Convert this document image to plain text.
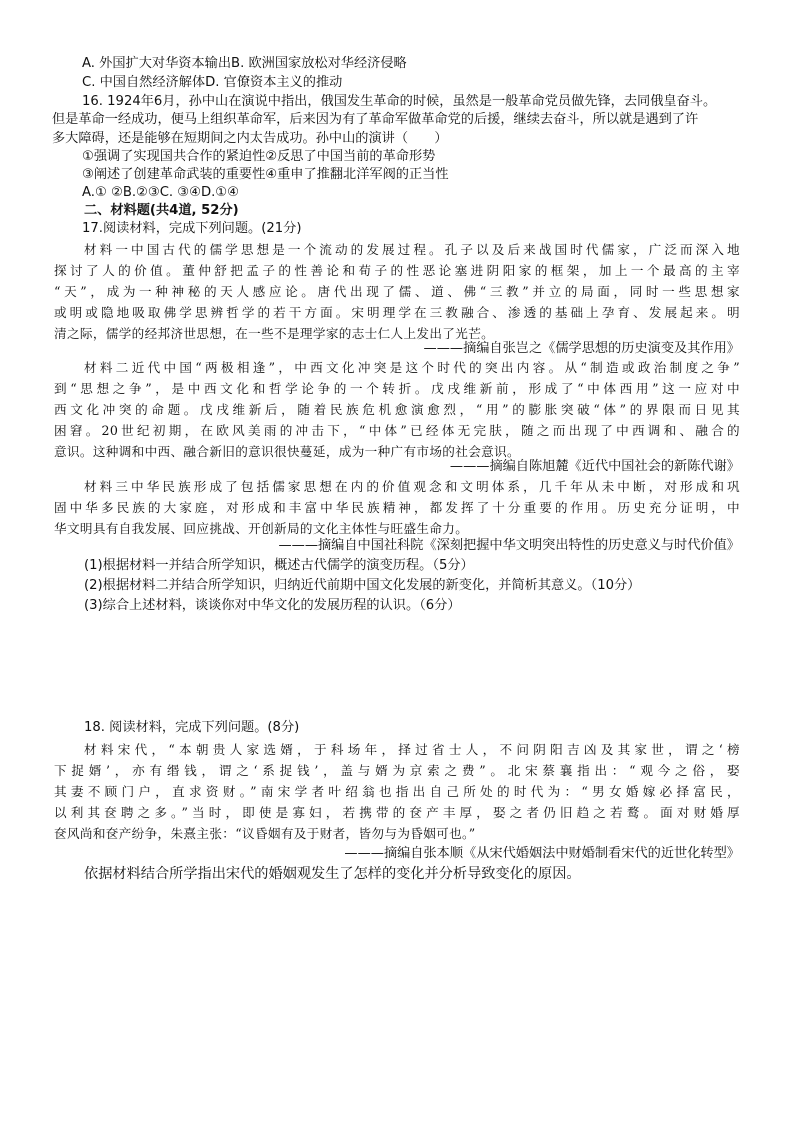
A. 外国扩大对华资本输出B. 欧洲国家放松对华经济侵略
C. 中国自然经济解体D. 官僚资本主义的推动
16. 1924年6月，孙中山在演说中指出，俄国发生革命的时候，虽然是一般革命党员做先锋，去同俄皇奋斗。
但是革命一经成功，便马上组织革命军，后来因为有了革命军做革命党的后援，继续去奋斗，所以就是遇到了许
多大障碍，还是能够在短期间之内太告成功。孙中山的演讲（　　）
①强调了实现国共合作的紧迫性②反思了中国当前的革命形势
③阐述了创建革命武装的重要性④重申了推翻北洋军阀的正当性
A.① ②B.②③C. ③④D.①④
二、材料题(共4道, 52分)
17.阅读材料，完成下列问题。(21分)
材料一中国古代的儒学思想是一个流动的发展过程。孔子以及后来战国时代儒家，广泛而深入地
探讨了人的价值。董仲舒把孟子的性善论和荀子的性恶论塞进阴阳家的框架，加上一个最高的主宰
“天”，成为一种神秘的天人感应论。唐代出现了儒、道、佛“三教”并立的局面，同时一些思想家
或明或隐地吸取佛学思辨哲学的若干方面。宋明理学在三教融合、渗透的基础上孕育、发展起来。明
清之际，儒学的经邦济世思想，在一些不是理学家的志士仁人上发出了光芒。
———摘编自张岂之《儒学思想的历史演变及其作用》
材料二近代中国“两极相逢”，中西文化冲突是这个时代的突出内容。从“制造或政治制度之争”
到“思想之争”，是中西文化和哲学论争的一个转折。戊戌维新前，形成了“中体西用”这一应对中
西文化冲突的命题。戊戌维新后，随着民族危机愈演愈烈，“用”的膨胀突破“体”的界限而日见其
困窘。20世纪初期，在欧风美雨的冲击下，“中体”已经体无完肤，随之而出现了中西调和、融合的
意识。这种调和中西、融合新旧的意识很快蔓延，成为一种广有市场的社会意识。
———摘编自陈旭麓《近代中国社会的新陈代谢》
材料三中华民族形成了包括儒家思想在内的价值观念和文明体系，几千年从未中断，对形成和巩
固中华多民族的大家庭，对形成和丰富中华民族精神，都发挥了十分重要的作用。历史充分证明，中
华文明具有自我发展、回应挑战、开创新局的文化主体性与旺盛生命力。
———摘编自中国社科院《深刻把握中华文明突出特性的历史意义与时代价值》
(1)根据材料一并结合所学知识，概述古代儒学的演变历程。（5分）
(2)根据材料二并结合所学知识，归纳近代前期中国文化发展的新变化，并简析其意义。（10分）
(3)综合上述材料，谈谈你对中华文化的发展历程的认识。（6分）
18. 阅读材料，完成下列问题。(8分)
材料宋代，“本朝贵人家选婿，于科场年，择过省士人，不问阴阳吉凶及其家世，谓之‘榜
下捉婿’，亦有缗钱，谓之‘系捉钱’，盖与婿为京索之费”。北宋蔡襄指出：“观今之俗，娶
其妻不顾门户，直求资财。”南宋学者叶绍翁也指出自己所处的时代为：“男女婚嫁必择富民，
以利其奁聘之多。”当时，即使是寡妇，若携带的奁产丰厚，娶之者仍旧趋之若鹜。面对财婚厚
奁风尚和奁产纷争，朱熹主张：“议昏姻有及于财者，皆勿与为昏姻可也。”
———摘编自张本顺《从宋代婚姻法中财婚制看宋代的近世化转型》
依据材料结合所学指出宋代的婚姻观发生了怎样的变化并分析导致变化的原因。
